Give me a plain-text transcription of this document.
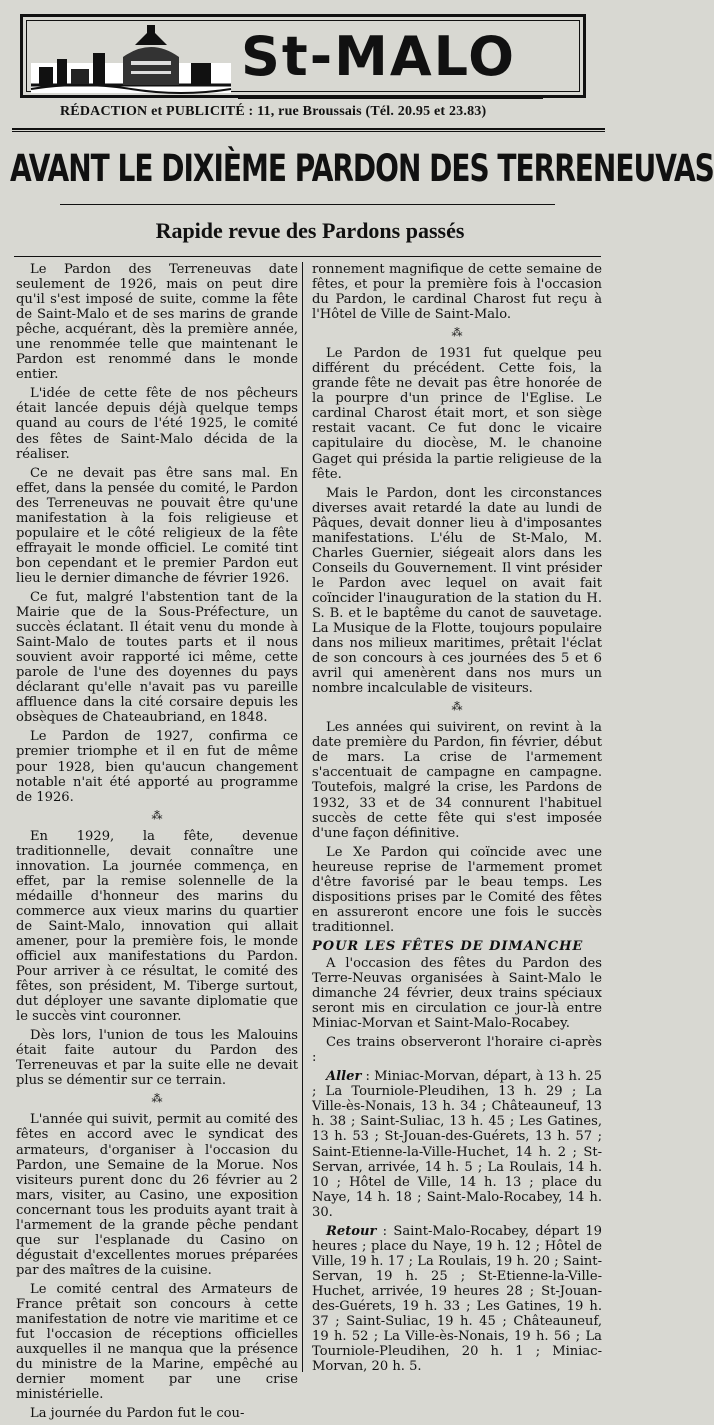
St-MALO
RÉDACTION et PUBLICITÉ : 11, rue Broussais (Tél. 20.95 et 23.83)
AVANT LE DIXIÈME PARDON DES TERRENEUVAS
Rapide revue des Pardons passés

Le Pardon des Terreneuvas date seulement de 1926, mais on peut dire qu'il s'est imposé de suite, comme la fête de Saint-Malo et de ses marins de grande pêche, acquérant, dès la première année, une renommée telle que maintenant le Pardon est renommé dans le monde entier.

L'idée de cette fête de nos pêcheurs était lancée depuis déjà quelque temps quand au cours de l'été 1925, le comité des fêtes de Saint-Malo décida de la réaliser.

Ce ne devait pas être sans mal. En effet, dans la pensée du comité, le Pardon des Terreneuvas ne pouvait être qu'une manifestation à la fois religieuse et populaire et le côté religieux de la fête effrayait le monde officiel. Le comité tint bon cependant et le premier Pardon eut lieu le dernier dimanche de février 1926.

Ce fut, malgré l'abstention tant de la Mairie que de la Sous-Préfecture, un succès éclatant. Il était venu du monde à Saint-Malo de toutes parts et il nous souvient avoir rapporté ici même, cette parole de l'une des doyennes du pays déclarant qu'elle n'avait pas vu pareille affluence dans la cité corsaire depuis les obsèques de Chateaubriand, en 1848.

Le Pardon de 1927, confirma ce premier triomphe et il en fut de même pour 1928, bien qu'aucun changement notable n'ait été apporté au programme de 1926.

⁂

En 1929, la fête, devenue traditionnelle, devait connaître une innovation. La journée commença, en effet, par la remise solennelle de la médaille d'honneur des marins du commerce aux vieux marins du quartier de Saint-Malo, innovation qui allait amener, pour la première fois, le monde officiel aux manifestations du Pardon. Pour arriver à ce résultat, le comité des fêtes, son président, M. Tiberge surtout, dut déployer une savante diplomatie que le succès vint couronner.

Dès lors, l'union de tous les Malouins était faite autour du Pardon des Terreneuvas et par la suite elle ne devait plus se démentir sur ce terrain.

⁂

L'année qui suivit, permit au comité des fêtes en accord avec le syndicat des armateurs, d'organiser à l'occasion du Pardon, une Semaine de la Morue. Nos visiteurs purent donc du 26 février au 2 mars, visiter, au Casino, une exposition concernant tous les produits ayant trait à l'armement de la grande pêche pendant que sur l'esplanade du Casino on dégustait d'excellentes morues préparées par des maîtres de la cuisine.

Le comité central des Armateurs de France prêtait son concours à cette manifestation de notre vie maritime et ce fut l'occasion de réceptions officielles auxquelles il ne manqua que la présence du ministre de la Marine, empêché au dernier moment par une crise ministérielle.

La journée du Pardon fut le cou-

ronnement magnifique de cette semaine de fêtes, et pour la première fois à l'occasion du Pardon, le cardinal Charost fut reçu à l'Hôtel de Ville de Saint-Malo.

⁂

Le Pardon de 1931 fut quelque peu différent du précédent. Cette fois, la grande fête ne devait pas être honorée de la pourpre d'un prince de l'Eglise. Le cardinal Charost était mort, et son siège restait vacant. Ce fut donc le vicaire capitulaire du diocèse, M. le chanoine Gaget qui présida la partie religieuse de la fête.

Mais le Pardon, dont les circonstances diverses avait retardé la date au lundi de Pâques, devait donner lieu à d'imposantes manifestations. L'élu de St-Malo, M. Charles Guernier, siégeait alors dans les Conseils du Gouvernement. Il vint présider le Pardon avec lequel on avait fait coïncider l'inauguration de la station du H. S. B. et le baptême du canot de sauvetage. La Musique de la Flotte, toujours populaire dans nos milieux maritimes, prêtait l'éclat de son concours à ces journées des 5 et 6 avril qui amenèrent dans nos murs un nombre incalculable de visiteurs.

⁂

Les années qui suivirent, on revint à la date première du Pardon, fin février, début de mars. La crise de l'armement s'accentuait de campagne en campagne. Toutefois, malgré la crise, les Pardons de 1932, 33 et de 34 connurent l'habituel succès de cette fête qui s'est imposée d'une façon définitive.

Le Xe Pardon qui coïncide avec une heureuse reprise de l'armement promet d'être favorisé par le beau temps. Les dispositions prises par le Comité des fêtes en assureront encore une fois le succès traditionnel.

POUR LES FÊTES DE DIMANCHE

A l'occasion des fêtes du Pardon des Terre-Neuvas organisées à Saint-Malo le dimanche 24 février, deux trains spéciaux seront mis en circulation ce jour-là entre Miniac-Morvan et Saint-Malo-Rocabey.

Ces trains observeront l'horaire ci-après :

Aller : Miniac-Morvan, départ, à 13 h. 25 ; La Tourniole-Pleudihen, 13 h. 29 ; La Ville-ès-Nonais, 13 h. 34 ; Châteauneuf, 13 h. 38 ; Saint-Suliac, 13 h. 45 ; Les Gatines, 13 h. 53 ; St-Jouan-des-Guérets, 13 h. 57 ; Saint-Etienne-la-Ville-Huchet, 14 h. 2 ; St-Servan, arrivée, 14 h. 5 ; La Roulais, 14 h. 10 ; Hôtel de Ville, 14 h. 13 ; place du Naye, 14 h. 18 ; Saint-Malo-Rocabey, 14 h. 30.

Retour : Saint-Malo-Rocabey, départ 19 heures ; place du Naye, 19 h. 12 ; Hôtel de Ville, 19 h. 17 ; La Roulais, 19 h. 20 ; Saint-Servan, 19 h. 25 ; St-Etienne-la-Ville-Huchet, arrivée, 19 heures 28 ; St-Jouan-des-Guérets, 19 h. 33 ; Les Gatines, 19 h. 37 ; Saint-Suliac, 19 h. 45 ; Châteauneuf, 19 h. 52 ; La Ville-ès-Nonais, 19 h. 56 ; La Tourniole-Pleudihen, 20 h. 1 ; Miniac-Morvan, 20 h. 5.
